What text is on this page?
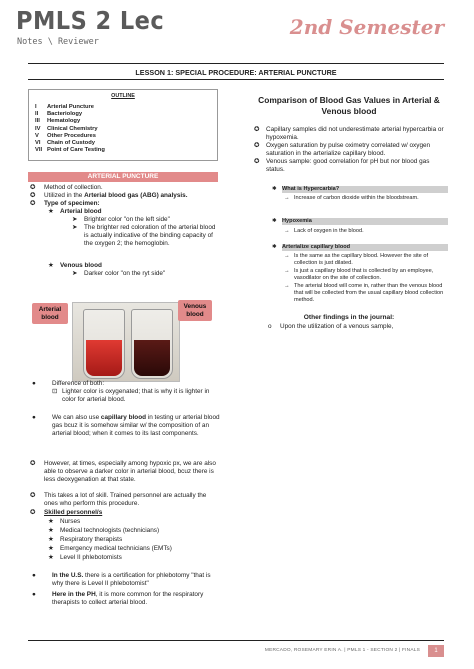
PMLS 2 Lec
Notes \ Reviewer
2nd Semester
LESSON 1: SPECIAL PROCEDURE: ARTERIAL PUNCTURE
OUTLINE
I	Arterial Puncture
II	Bacteriology
III	Hematology
IV	Clinical Chemistry
V	Other Procedures
VI	Chain of Custody
VII Point of Care Testing
ARTERIAL PUNCTURE
✪	Method of collection.
✪	Utilized in the Arterial blood gas (ABG) analysis.
✪	Type of specimen:
★ Arterial blood
➤	Brighter color "on the left side"
➤	The brighter red coloration of the arterial blood is actually indicative of the binding capacity of the oxygen 2; the hemoglobin.
★ Venous blood
➤	Darker color "on the ryt side"
Arterial blood
Venous blood
●	Difference of both:
⊡ Lighter color is oxygenated; that is why it is lighter in color for arterial blood.
●	We can also use capillary blood in testing ur arterial blood gas bcuz it is somehow similar w/ the composition of an arterial blood; when it comes to its last components.
✪	However, at times, especially among hypoxic px, we are also able to observe a darker color in arterial blood, bcuz there is less deoxygenation at that state.
✪	This takes a lot of skill. Trained personnel are actually the ones who perform this procedure.
✪	Skilled personnel/s
★ Nurses
★ Medical technologists (technicians)
★ Respiratory therapists
★ Emergency medical technicians (EMTs)
★ Level II phlebotomists
●	In the U.S. there is a certification for phlebotomy "that is why there is Level II phlebotomist"
●	Here in the PH, it is more common for the respiratory therapists to collect arterial blood.
Comparison of Blood Gas Values in Arterial & Venous blood
✪	Capillary samples did not underestimate arterial hypercarbia or hypoxemia.
✪	Oxygen saturation by pulse oximetry correlated w/ oxygen saturation in the arterialize capillary blood.
✪	Venous sample: good correlation for pH but nor blood gas status.
✱ What is Hypercarbia?
→ Increase of carbon dioxide within the bloodstream.
✱ Hypoxemia
→ Lack of oxygen in the blood.
✱ Arterialize capillary blood
→ Is the same as the capillary blood. However the site of collection is just dilated.
→ Is just a capillary blood that is collected by an employee, vasodilator on the site of collection.
→ The arterial blood will come in, rather than the venous blood that will be collected from the usual capillary blood collection method.
Other findings in the journal:
o	Upon the utilization of a venous sample,
MERCADO, ROSEMARY ERIN A. | PMLS 1 - SECTION 2 | FINALS	1
